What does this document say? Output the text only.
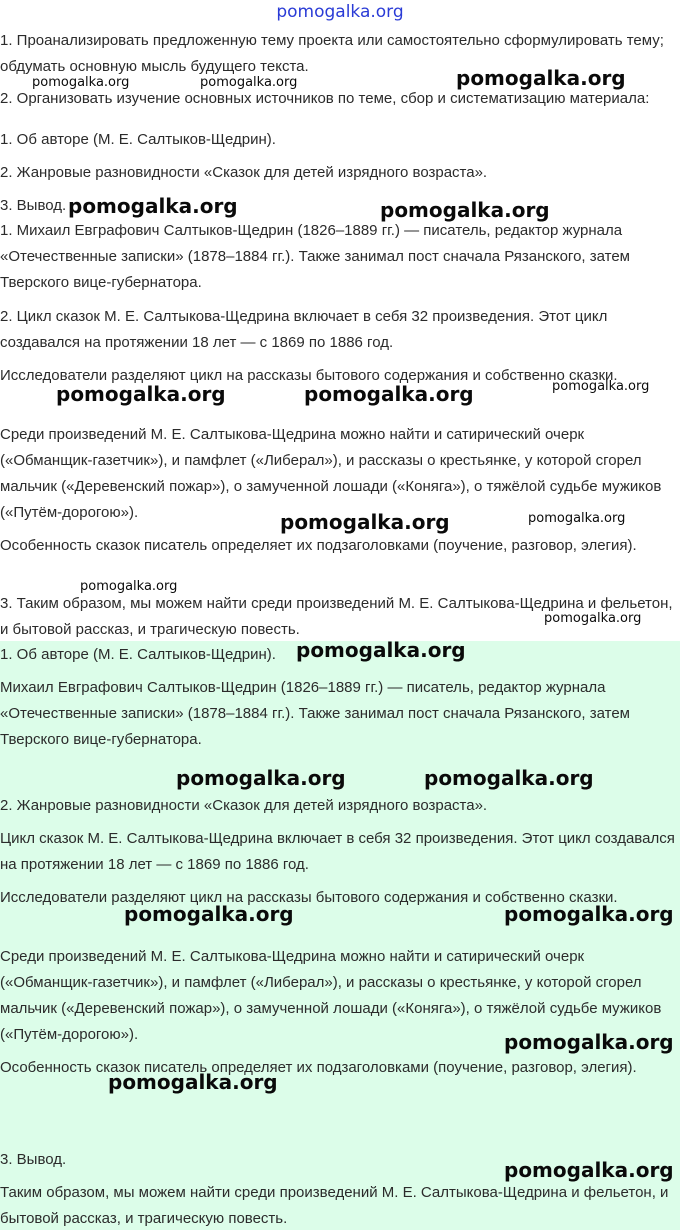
pomogalka.org

1. Проанализировать предложенную тему проекта или самостоятельно сформулировать тему; обдумать основную мысль будущего текста.

2. Организовать изучение основных источников по теме, сбор и систематизацию материала:

1. Об авторе (М. Е. Салтыков-Щедрин).

2. Жанровые разновидности «Сказок для детей изрядного возраста».

3. Вывод.

1. Михаил Евграфович Салтыков-Щедрин (1826–1889 гг.) — писатель, редактор журнала «Отечественные записки» (1878–1884 гг.). Также занимал пост сначала Рязанского, затем Тверского вице-губернатора.

2. Цикл сказок М. Е. Салтыкова-Щедрина включает в себя 32 произведения. Этот цикл создавался на протяжении 18 лет — с 1869 по 1886 год.

Исследователи разделяют цикл на рассказы бытового содержания и собственно сказки.

Среди произведений М. Е. Салтыкова-Щедрина можно найти и сатирический очерк («Обманщик-газетчик»), и памфлет («Либерал»), и рассказы о крестьянке, у которой сгорел мальчик («Деревенский пожар»), о замученной лошади («Коняга»), о тяжёлой судьбе мужиков («Путём-дорогою»).

Особенность сказок писатель определяет их подзаголовками (поучение, разговор, элегия).

3. Таким образом, мы можем найти среди произведений М. Е. Салтыкова-Щедрина и фельетон, и бытовой рассказ, и трагическую повесть.

1. Об авторе (М. Е. Салтыков-Щедрин).

Михаил Евграфович Салтыков-Щедрин (1826–1889 гг.) — писатель, редактор журнала «Отечественные записки» (1878–1884 гг.). Также занимал пост сначала Рязанского, затем Тверского вице-губернатора.

2. Жанровые разновидности «Сказок для детей изрядного возраста».

Цикл сказок М. Е. Салтыкова-Щедрина включает в себя 32 произведения. Этот цикл создавался на протяжении 18 лет — с 1869 по 1886 год.

Исследователи разделяют цикл на рассказы бытового содержания и собственно сказки.

Среди произведений М. Е. Салтыкова-Щедрина можно найти и сатирический очерк («Обманщик-газетчик»), и памфлет («Либерал»), и рассказы о крестьянке, у которой сгорел мальчик («Деревенский пожар»), о замученной лошади («Коняга»), о тяжёлой судьбе мужиков («Путём-дорогою»).

Особенность сказок писатель определяет их подзаголовками (поучение, разговор, элегия).

3. Вывод.

Таким образом, мы можем найти среди произведений М. Е. Салтыкова-Щедрина и фельетон, и бытовой рассказ, и трагическую повесть.

pomogalka.org	pomogalka.org	pomogalka.org
pomogalka.org	pomogalka.org
pomogalka.org	pomogalka.org	pomogalka.org
pomogalka.org	pomogalka.org
pomogalka.org
pomogalka.org
pomogalka.org
pomogalka.org	pomogalka.org
pomogalka.org	pomogalka.org
pomogalka.org
pomogalka.org
pomogalka.org
